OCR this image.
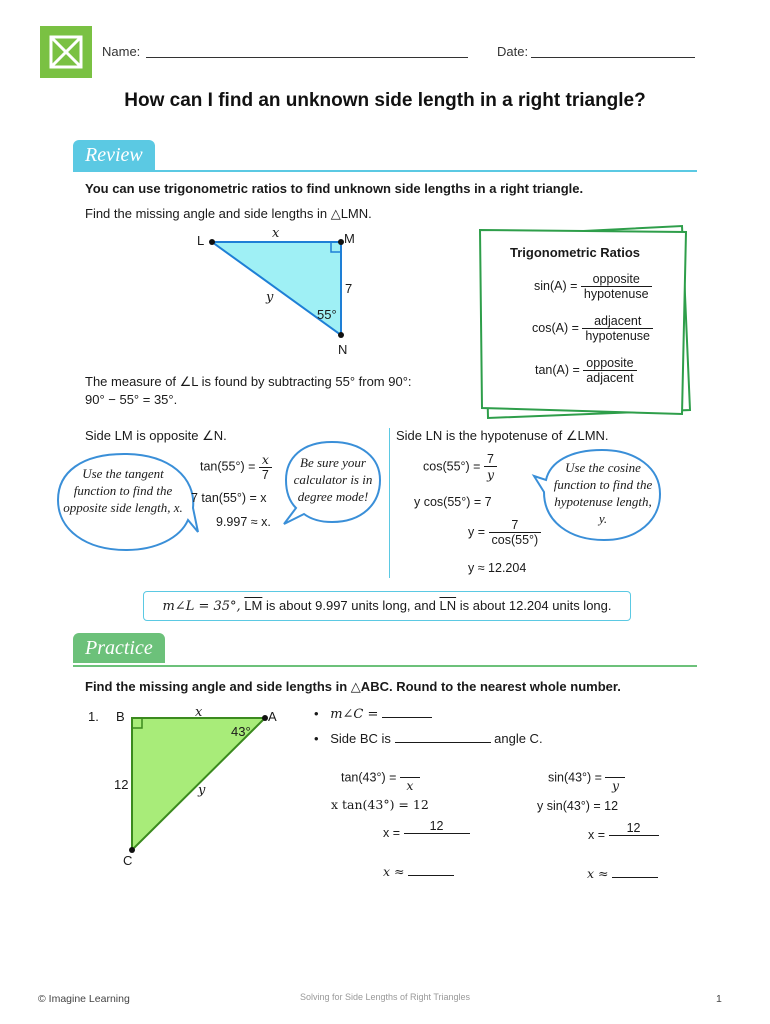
Name:	Date:
How can I find an unknown side length in a right triangle?
Review
You can use trigonometric ratios to find unknown side lengths in a right triangle.
Find the missing angle and side lengths in △LMN.
L	M
N
x
7
y
55°
The measure of ∠L is found by subtracting 55° from 90°:
90° − 55° = 35°.
Trigonometric Ratios
$\sin(A) = \frac{\text{opposite}}{\text{hypotenuse}}$
$\cos(A) = \frac{\text{adjacent}}{\text{hypotenuse}}$
$\tan(A) = \frac{\text{opposite}}{\text{adjacent}}$
Side LM is opposite ∠N.
Use the tangent function to find the opposite side length, x.
$\tan(55^\circ) = \frac{x}{7}$
7 tan(55°) = x
9.997 ≈ x.
Be sure your calculator is in degree mode!
Side LN is the hypotenuse of ∠LMN.
$\cos(55^\circ) = \frac{7}{y}$
y cos(55°) = 7
$y = \frac{7}{\cos(55^\circ)}$
y ≈ 12.204
Use the cosine function to find the hypotenuse length, y.
m∠L = 35°, $\overline{LM}$ is about 9.997 units long, and $\overline{LN}$ is about 12.204 units long.
Practice
Find the missing angle and side lengths in △ABC. Round to the nearest whole number.
1. B	A
C
x
12	y
43°
• m∠C =
• Side BC is	angle C.
tan(43°) =
x
x tan(43°) = 12
x =	12
x ≈
sin(43°) =
y
y sin(43°) = 12
x =	12
x ≈
© Imagine Learning	Solving for Side Lengths of Right Triangles	1
